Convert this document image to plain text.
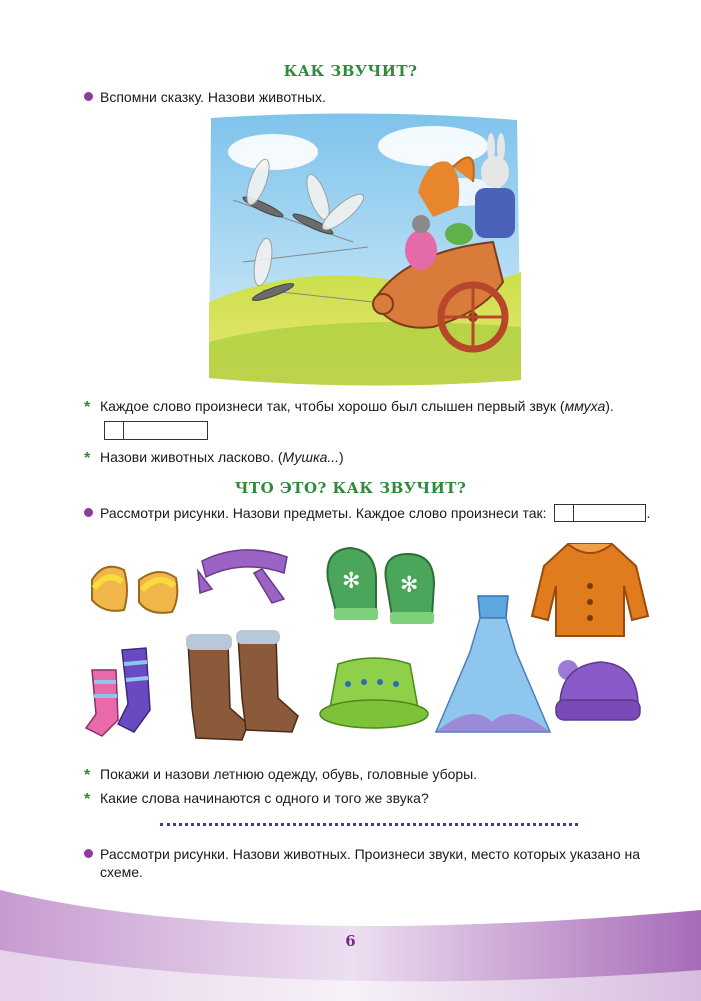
КАК ЗВУЧИТ?
Вспомни сказку. Назови животных.
* Каждое слово произнеси так, чтобы хорошо был слышен первый звук (ммуха).
* Назови животных ласково. (Мушка...)
ЧТО ЭТО? КАК ЗВУЧИТ?
Рассмотри рисунки. Назови предметы. Каждое слово произнеси так:	.
✻ ✻
* Покажи и назови летнюю одежду, обувь, головные уборы.
* Какие слова начинаются с одного и того же звука?
Рассмотри рисунки. Назови животных. Произнеси звуки, место которых указано на
схеме.
6
